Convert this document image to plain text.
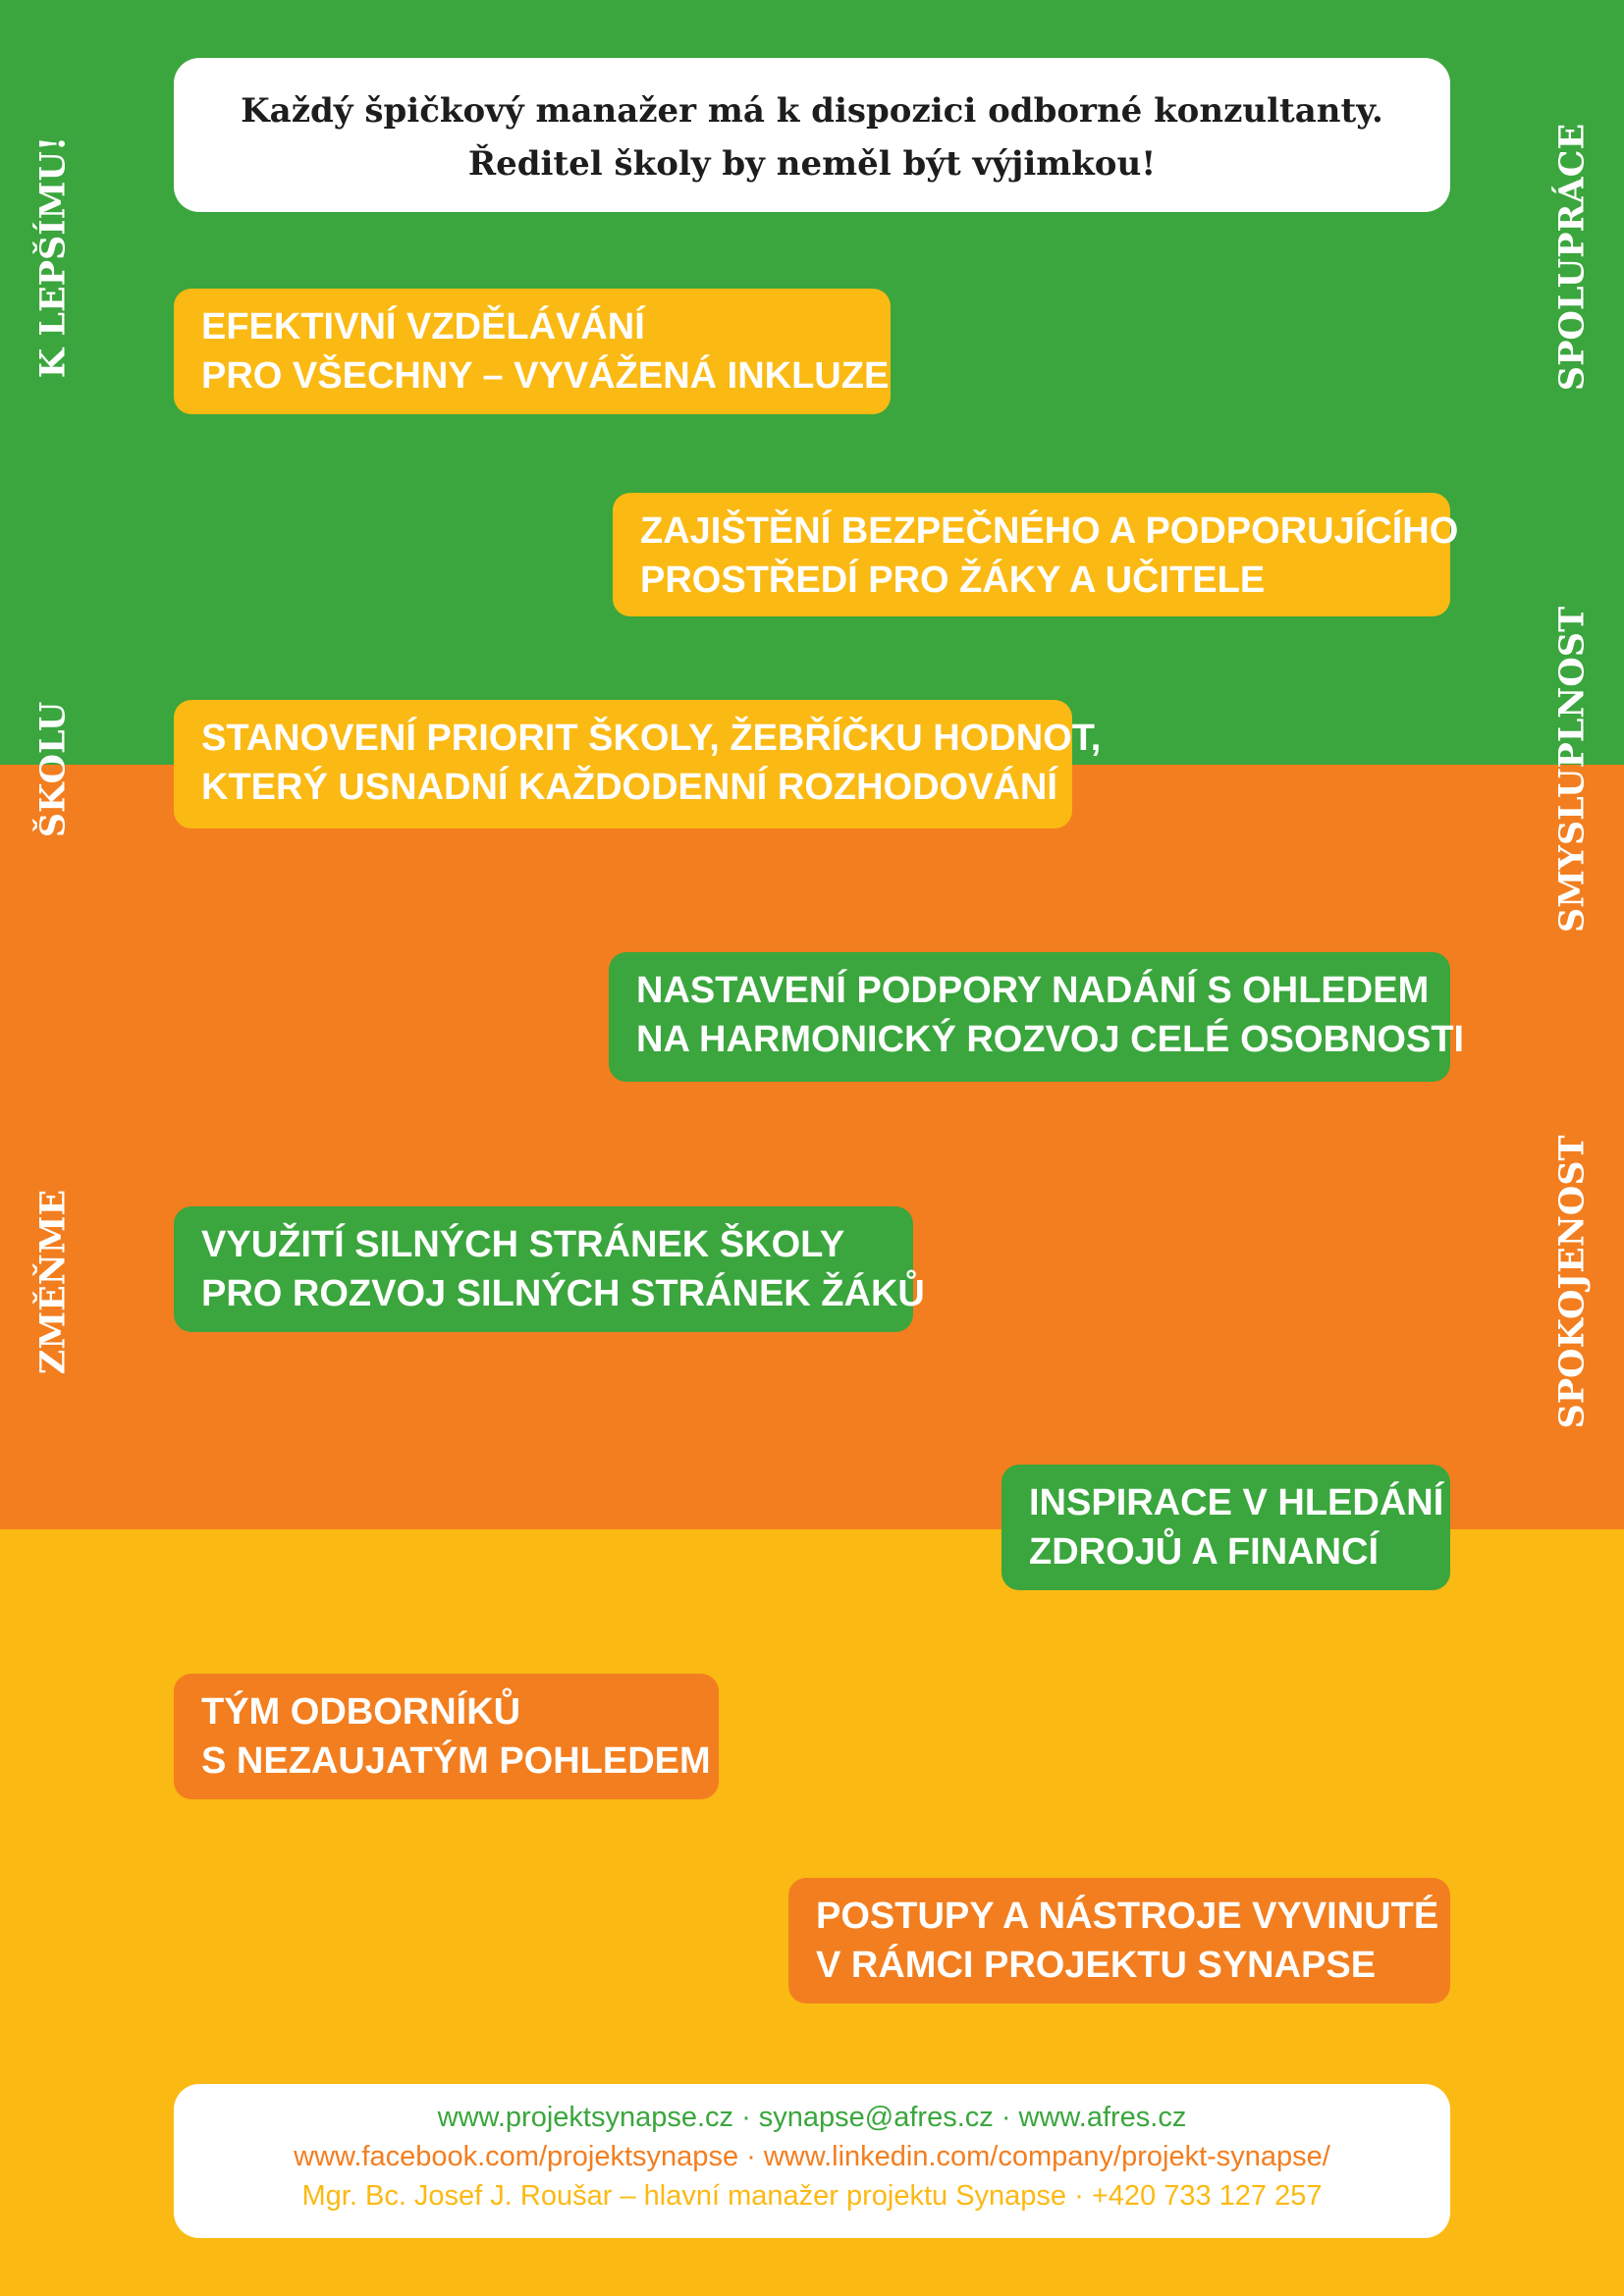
Každý špičkový manažer má k dispozici odborné konzultanty.
Ředitel školy by neměl být výjimkou!
K LEPŠÍMU!
ŠKOLU
ZMĚŇME
SPOLUPRÁCE
SMYSLUPLNOST
SPOKOJENOST
EFEKTIVNÍ VZDĚLÁVÁNÍ
PRO VŠECHNY – VYVÁŽENÁ INKLUZE
ZAJIŠTĚNÍ BEZPEČNÉHO A PODPORUJÍCÍHO
PROSTŘEDÍ PRO ŽÁKY A UČITELE
STANOVENÍ PRIORIT ŠKOLY, ŽEBŘÍČKU HODNOT,
KTERÝ USNADNÍ KAŽDODENNÍ ROZHODOVÁNÍ
NASTAVENÍ PODPORY NADÁNÍ S OHLEDEM
NA HARMONICKÝ ROZVOJ CELÉ OSOBNOSTI
VYUŽITÍ SILNÝCH STRÁNEK ŠKOLY
PRO ROZVOJ SILNÝCH STRÁNEK ŽÁKŮ
INSPIRACE V HLEDÁNÍ
ZDROJŮ A FINANCÍ
TÝM ODBORNÍKŮ
S NEZAUJATÝM POHLEDEM
POSTUPY A NÁSTROJE VYVINUTÉ
V RÁMCI PROJEKTU SYNAPSE
www.projektsynapse.cz · synapse@afres.cz · www.afres.cz
www.facebook.com/projektsynapse · www.linkedin.com/company/projekt-synapse/
Mgr. Bc. Josef J. Roušar – hlavní manažer projektu Synapse · +420 733 127 257
